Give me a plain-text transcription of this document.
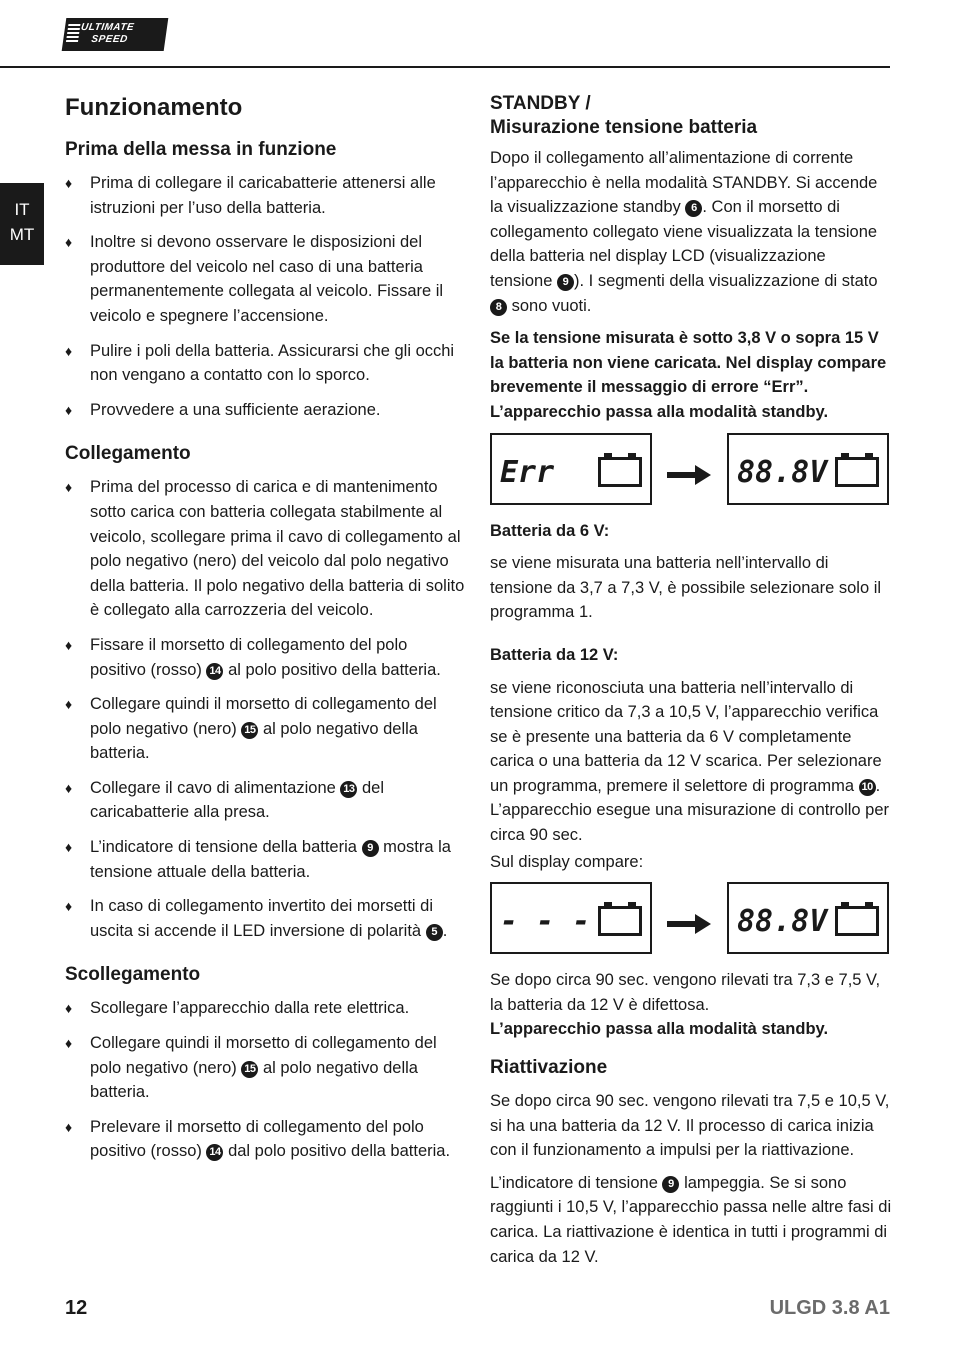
ULTIMATE
SPEED
IT
MT
Funzionamento
Prima della messa in funzione
♦ Prima di collegare il caricabatterie attenersi alle istruzioni per l’uso della batteria.
♦ Inoltre si devono osservare le disposizioni del produttore del veicolo nel caso di una batteria permanentemente collegata al veicolo. Fissare il veicolo e spegnere l’accensione.
♦ Pulire i poli della batteria. Assicurarsi che gli occhi non vengano a contatto con lo sporco.
♦ Provvedere a una sufficiente aerazione.
Collegamento
♦ Prima del processo di carica e di mantenimento sotto carica con batteria collegata stabilmente al veicolo, scollegare prima il cavo di collegamento al polo negativo (nero) del veicolo dal polo negativo della batteria. Il polo negativo della batteria di solito è collegato alla carrozzeria del veicolo.
♦ Fissare il morsetto di collegamento del polo positivo (rosso) 14 al polo positivo della batteria.
♦ Collegare quindi il morsetto di collegamento del polo negativo (nero) 15 al polo negativo della batteria.
♦ Collegare il cavo di alimentazione 13 del caricabatterie alla presa.
♦ L’indicatore di tensione della batteria 9 mostra la tensione attuale della batteria.
♦ In caso di collegamento invertito dei morsetti di uscita si accende il LED inversione di polarità 5 .
Scollegamento
♦ Scollegare l’apparecchio dalla rete elettrica.
♦ Collegare quindi il morsetto di collegamento del polo negativo (nero) 15 al polo negativo della batteria.
♦ Prelevare il morsetto di collegamento del polo positivo (rosso) 14 dal polo positivo della batteria.
STANDBY /
Misurazione tensione batteria

Dopo il collegamento all’alimentazione di corrente l’apparecchio è nella modalità STANDBY. Si accende la visualizzazione standby 6 . Con il morsetto di collegamento collegato viene visualizzata la tensione della batteria nel display LCD (visualizzazione tensione 9 ). I segmenti della visualizzazione di stato 8 sono vuoti.

Se la tensione misurata è sotto 3,8 V o sopra 15 V la batteria non viene caricata. Nel display compare brevemente il messaggio di errore “Err”. L’apparecchio passa alla modalità standby.

Err	88.8V

Batteria da 6 V:

se viene misurata una batteria nell’intervallo di tensione da 3,7 a 7,3 V, è possibile selezionare solo il programma 1.

Batteria da 12 V:

se viene riconosciuta una batteria nell’intervallo di tensione critico da 7,3 a 10,5 V, l’apparecchio verifica se è presente una batteria da 6 V completamente carica o una batteria da 12 V scarica. Per selezionare un programma, premere il selettore di programma 10 . L’apparecchio esegue una misurazione di controllo per circa 90 sec.

Sul display compare:

- - -	88.8V

Se dopo circa 90 sec. vengono rilevati tra 7,3 e 7,5 V, la batteria da 12 V è difettosa.

L’apparecchio passa alla modalità standby.

Riattivazione

Se dopo circa 90 sec. vengono rilevati tra 7,5 e 10,5 V, si ha una batteria da 12 V. Il processo di carica inizia con il funzionamento a impulsi per la riattivazione.

L’indicatore di tensione 9 lampeggia. Se si sono raggiunti i 10,5 V, l’apparecchio passa nelle altre fasi di carica. La riattivazione è identica in tutti i programmi di carica da 12 V.

12	ULGD 3.8 A1
